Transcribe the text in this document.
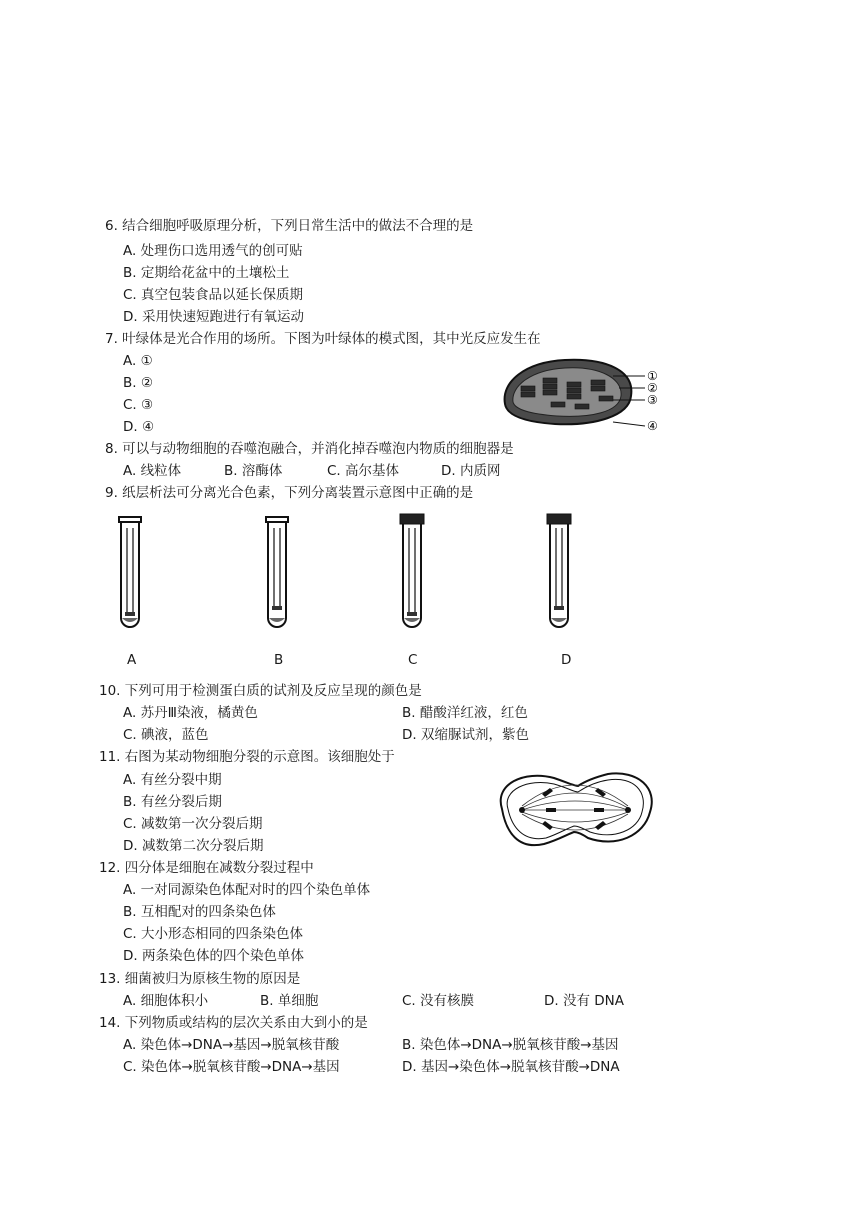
6. 结合细胞呼吸原理分析，下列日常生活中的做法不合理的是
A. 处理伤口选用透气的创可贴
B. 定期给花盆中的土壤松土
C. 真空包装食品以延长保质期
D. 采用快速短跑进行有氧运动
7. 叶绿体是光合作用的场所。下图为叶绿体的模式图，其中光反应发生在
A. ①
B. ②
C. ③
D. ④
①
②
③
④
8. 可以与动物细胞的吞噬泡融合，并消化掉吞噬泡内物质的细胞器是
A. 线粒体	B. 溶酶体	C. 高尔基体	D. 内质网
9. 纸层析法可分离光合色素，下列分离装置示意图中正确的是
A	B	C	D
10. 下列可用于检测蛋白质的试剂及反应呈现的颜色是
A. 苏丹Ⅲ染液，橘黄色	B. 醋酸洋红液，红色
C. 碘液，蓝色	D. 双缩脲试剂，紫色
11. 右图为某动物细胞分裂的示意图。该细胞处于
A. 有丝分裂中期
B. 有丝分裂后期
C. 减数第一次分裂后期
D. 减数第二次分裂后期
12. 四分体是细胞在减数分裂过程中
A. 一对同源染色体配对时的四个染色单体
B. 互相配对的四条染色体
C. 大小形态相同的四条染色体
D. 两条染色体的四个染色单体
13. 细菌被归为原核生物的原因是
A. 细胞体积小	B. 单细胞	C. 没有核膜	D. 没有 DNA
14. 下列物质或结构的层次关系由大到小的是
A. 染色体→DNA→基因→脱氧核苷酸	B. 染色体→DNA→脱氧核苷酸→基因
C. 染色体→脱氧核苷酸→DNA→基因	D. 基因→染色体→脱氧核苷酸→DNA
